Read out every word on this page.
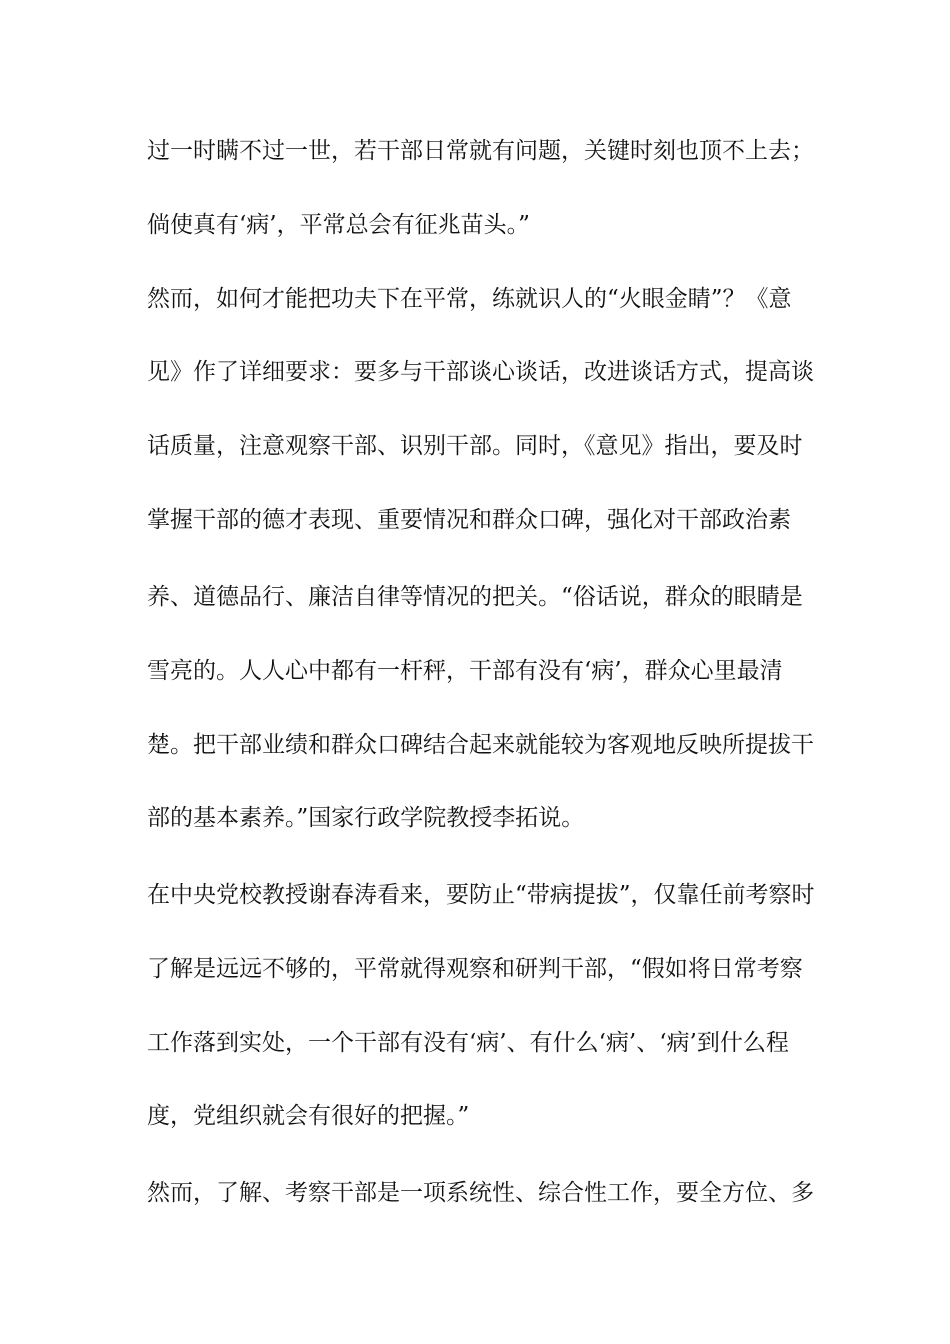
过一时瞒不过一世，若干部日常就有问题，关键时刻也顶不上去；
倘使真有‘病’，平常总会有征兆苗头。”
然而，如何才能把功夫下在平常，练就识人的“火眼金睛”？《意
见》作了详细要求：要多与干部谈心谈话，改进谈话方式，提高谈
话质量，注意观察干部、识别干部。同时，《意见》指出，要及时
掌握干部的德才表现、重要情况和群众口碑，强化对干部政治素
养、道德品行、廉洁自律等情况的把关。“俗话说，群众的眼睛是
雪亮的。人人心中都有一杆秤，干部有没有‘病’，群众心里最清
楚。把干部业绩和群众口碑结合起来就能较为客观地反映所提拔干
部的基本素养。”国家行政学院教授李拓说。
在中央党校教授谢春涛看来，要防止“带病提拔”，仅靠任前考察时
了解是远远不够的，平常就得观察和研判干部，“假如将日常考察
工作落到实处，一个干部有没有‘病’、有什么‘病’、‘病’到什么程
度，党组织就会有很好的把握。”
然而，了解、考察干部是一项系统性、综合性工作，要全方位、多
